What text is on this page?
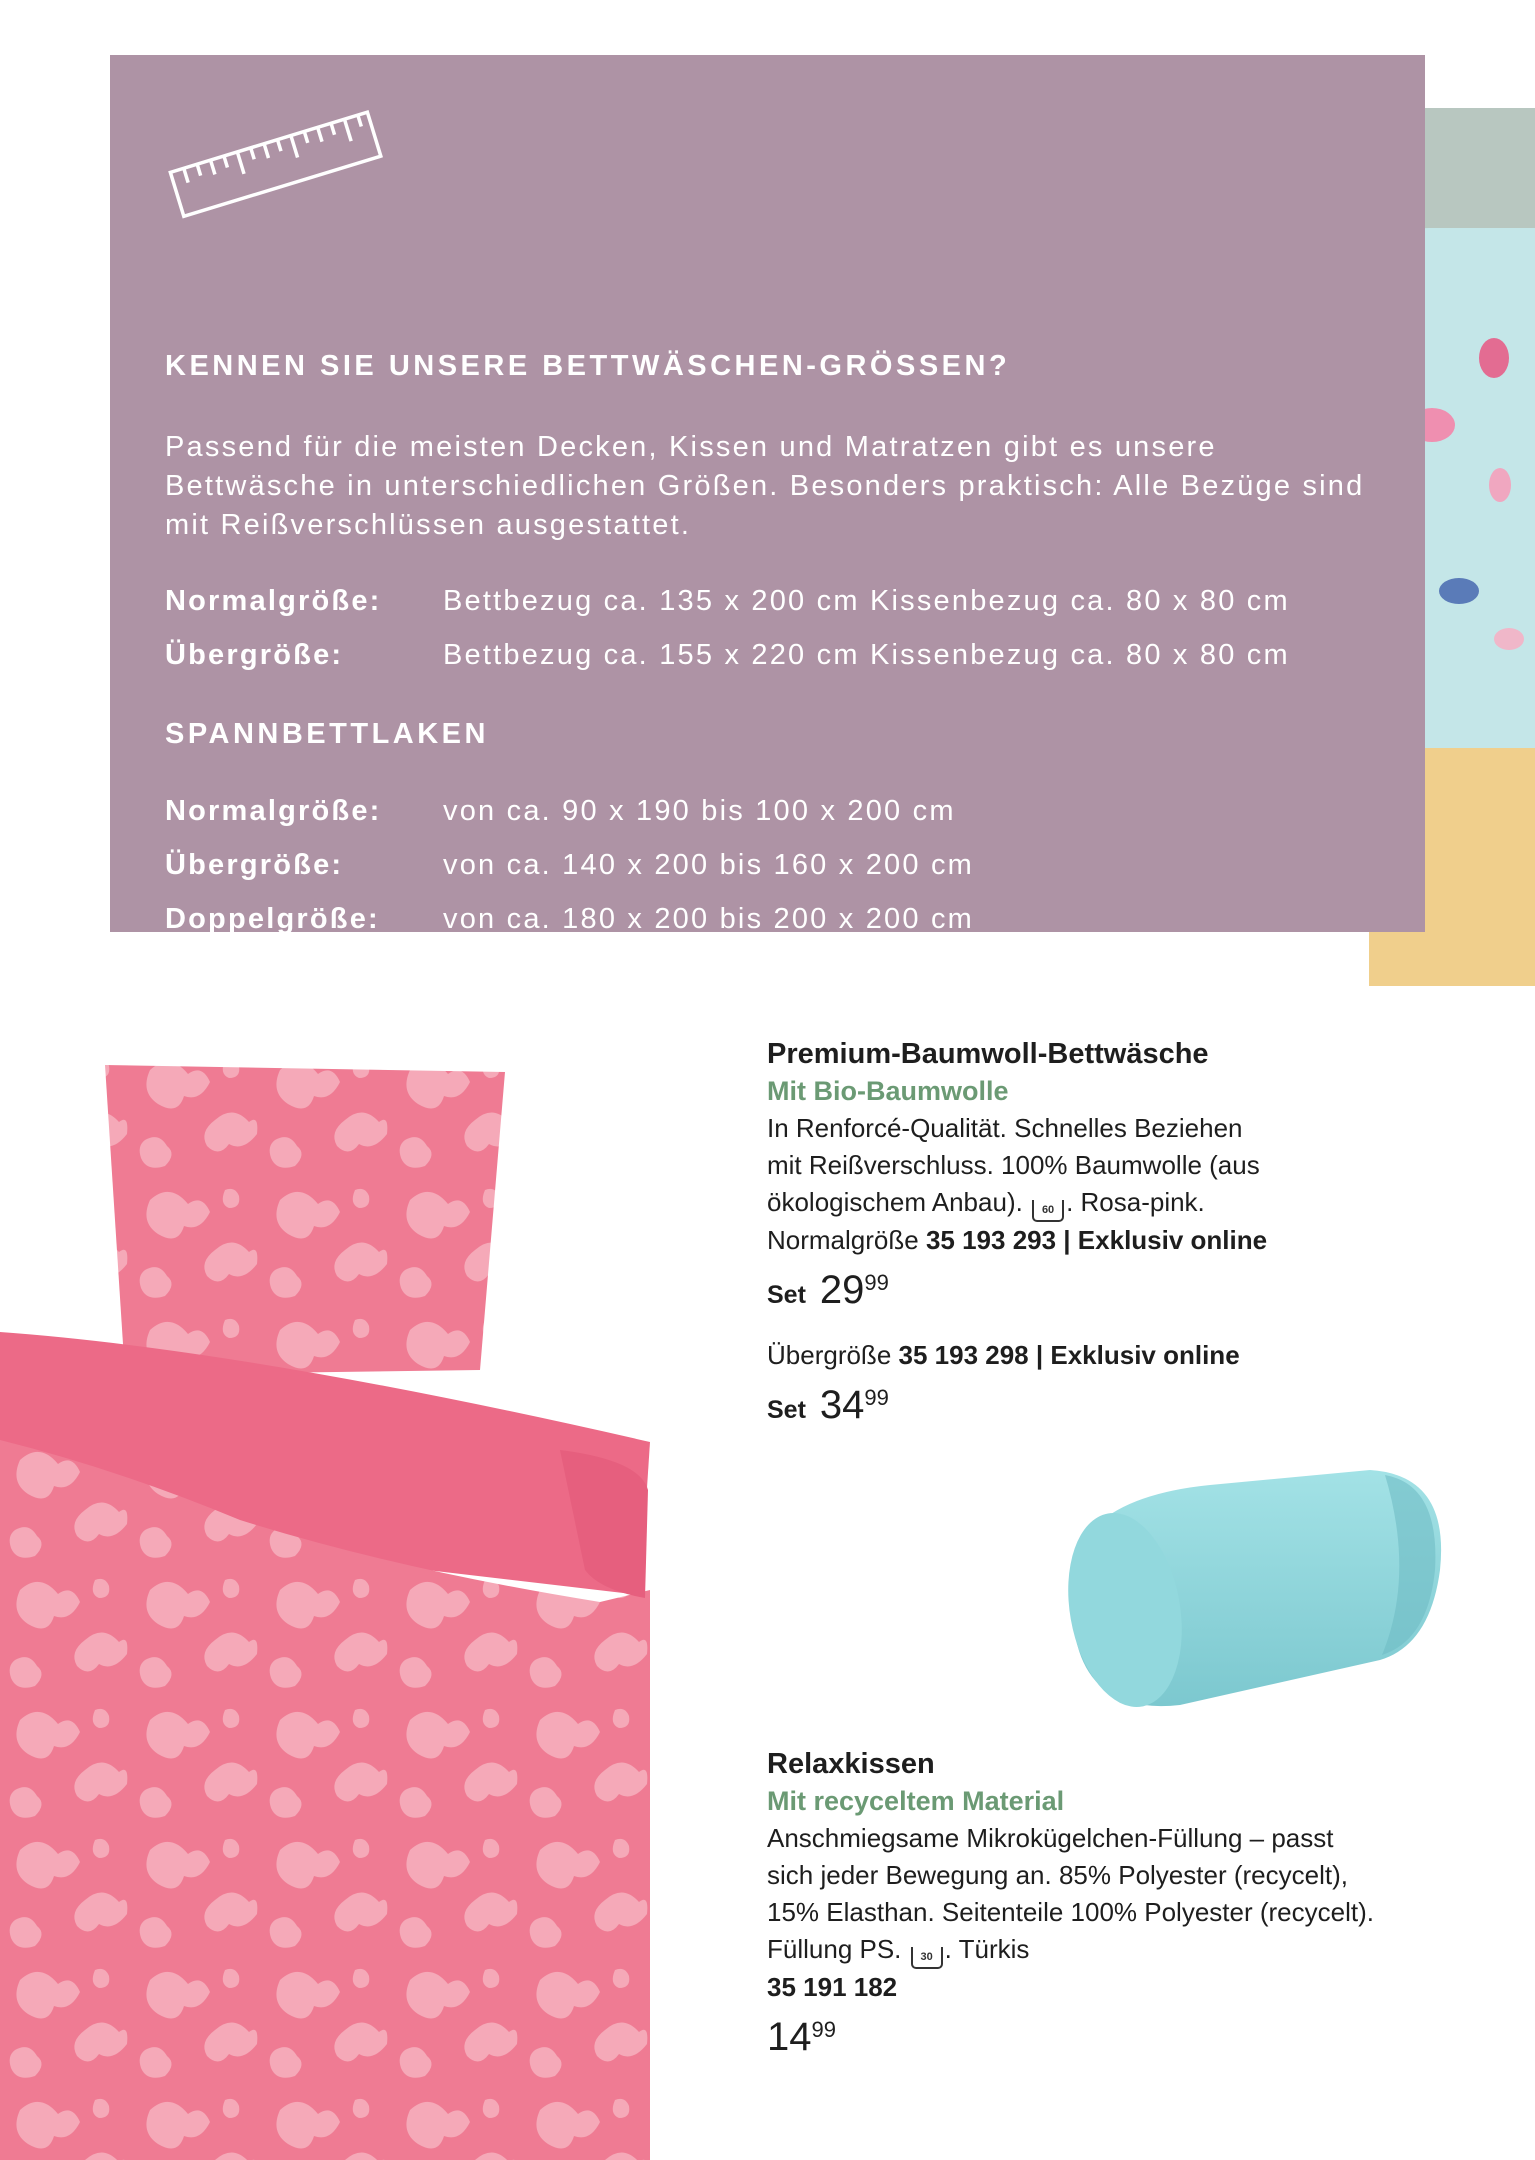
KENNEN SIE UNSERE BETTWÄSCHEN-GRÖSSEN?

Passend für die meisten Decken, Kissen und Matratzen gibt es unsere Bettwäsche in unterschiedlichen Größen. Besonders praktisch: Alle Bezüge sind mit Reißverschlüssen ausgestattet.

Normalgröße: Bettbezug ca. 135 x 200 cm Kissenbezug ca. 80 x 80 cm
Übergröße:	Bettbezug ca. 155 x 220 cm Kissenbezug ca. 80 x 80 cm
SPANNBETTLAKEN
Normalgröße: von ca. 90 x 190 bis 100 x 200 cm
Übergröße:	von ca. 140 x 200 bis 160 x 200 cm
Doppelgröße: von ca. 180 x 200 bis 200 x 200 cm

Premium-Baumwoll-Bettwäsche

Mit Bio-Baumwolle

In Renforcé-Qualität. Schnelles Beziehen

mit Reißverschluss. 100% Baumwolle (aus

ökologischem Anbau). 60 . Rosa-pink.

Normalgröße 35 193 293 | Exklusiv online

Set 29 99

Übergröße 35 193 298 | Exklusiv online

Set 34 99

Relaxkissen

Mit recyceltem Material

Anschmiegsame Mikrokügelchen-Füllung – passt

sich jeder Bewegung an. 85% Polyester (recycelt),

15% Elasthan. Seitenteile 100% Polyester (recycelt).

Füllung PS. 30 . Türkis

35 191 182

14 99
